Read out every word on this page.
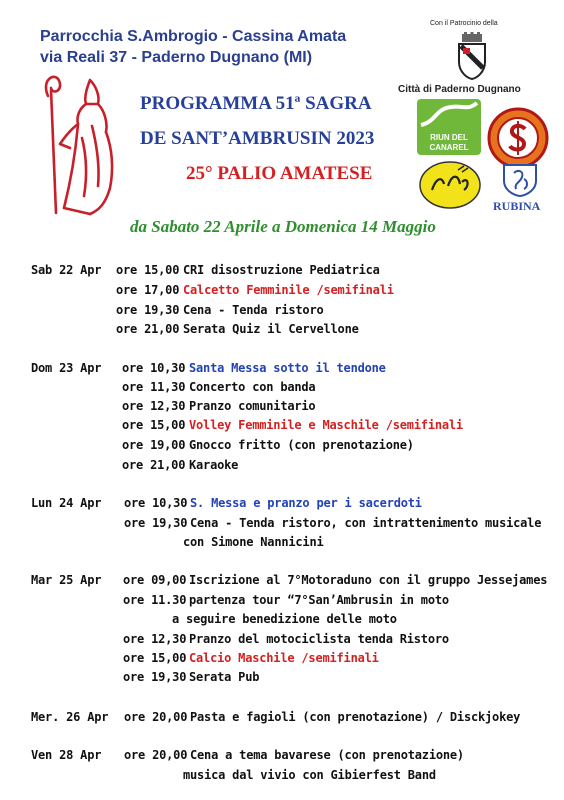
Parrocchia S.Ambrogio - Cassina Amata
via Reali 37 - Paderno Dugnano (MI)
PROGRAMMA 51ª SAGRA
DE SANT’AMBRUSIN 2023
25° PALIO AMATESE
da Sabato 22 Aprile a Domenica 14 Maggio
Con il Patrocinio della
Città di Paderno Dugnano
RIUN DEL CANAREL
RUBINA
Sab 22 Apr ore 15,00 CRI disostruzione Pediatrica
ore 17,00 Calcetto Femminile /semifinali
ore 19,30 Cena - Tenda ristoro
ore 21,00 Serata Quiz il Cervellone
Dom 23 Apr ore 10,30 Santa Messa sotto il tendone
ore 11,30 Concerto con banda
ore 12,30 Pranzo comunitario
ore 15,00 Volley Femminile e Maschile /semifinali
ore 19,00 Gnocco fritto (con prenotazione)
ore 21,00 Karaoke
Lun 24 Apr ore 10,30 S. Messa e pranzo per i sacerdoti
ore 19,30 Cena - Tenda ristoro, con intrattenimento musicale
con Simone Nannicini
Mar 25 Apr ore 09,00 Iscrizione al 7°Motoraduno con il gruppo Jessejames
ore 11.30 partenza tour “7°San’Ambrusin in moto
a seguire benedizione delle moto
ore 12,30 Pranzo del motociclista tenda Ristoro
ore 15,00 Calcio Maschile /semifinali
ore 19,30 Serata Pub
Mer. 26 Apr ore 20,00 Pasta e fagioli (con prenotazione) / Disckjokey
Ven 28 Apr ore 20,00 Cena a tema bavarese (con prenotazione)
musica dal vivio con Gibierfest Band
